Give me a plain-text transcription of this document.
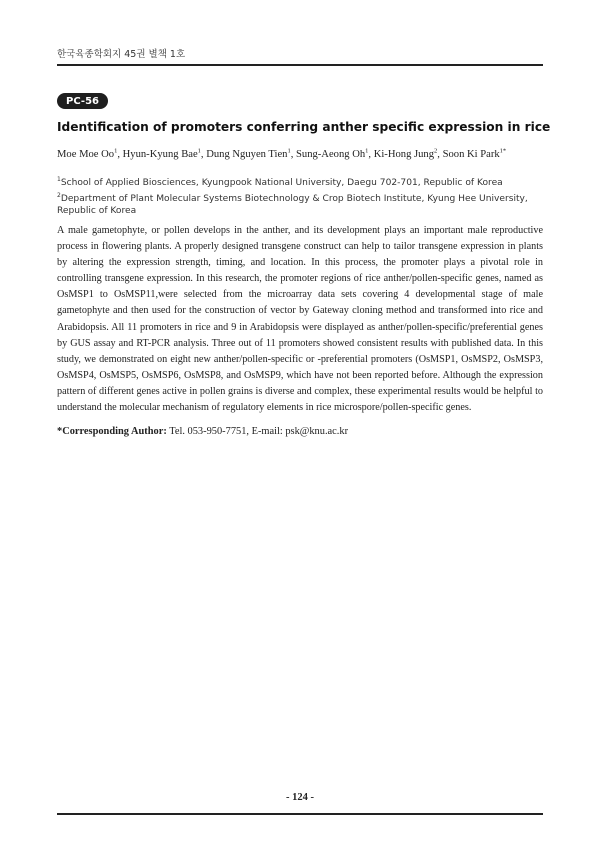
한국육종학회지 45권 별책 1호
PC-56
Identification of promoters conferring anther specific expression in rice
Moe Moe Oo$^1$, Hyun-Kyung Bae$^1$, Dung Nguyen Tien$^1$, Sung-Aeong Oh$^1$, Ki-Hong Jung$^2$, Soon Ki Park$^{1*}$

$^1$School of Applied Biosciences, Kyungpook National University, Daegu 702-701, Republic of Korea

$^2$Department of Plant Molecular Systems Biotechnology & Crop Biotech Institute, Kyung Hee University, Republic of Korea

A male gametophyte, or pollen develops in the anther, and its development plays an important male reproductive process in flowering plants. A properly designed transgene construct can help to tailor transgene expression in plants by altering the expression strength, timing, and location. In this process, the promoter plays a pivotal role in controlling transgene expression. In this research, the promoter regions of rice anther/pollen-specific genes, named as OsMSP1 to OsMSP11,were selected from the microarray data sets covering 4 developmental stage of male gametophyte and then used for the construction of vector by Gateway cloning method and transformed into rice and Arabidopsis. All 11 promoters in rice and 9 in Arabidopsis were displayed as anther/pollen-specific/preferential genes by GUS assay and RT-PCR analysis. Three out of 11 promoters showed consistent results with published data. In this study, we demonstrated on eight new anther/pollen-specific or -preferential promoters (OsMSP1, OsMSP2, OsMSP3, OsMSP4, OsMSP5, OsMSP6, OsMSP8, and OsMSP9, which have not been reported before. Although the expression pattern of different genes active in pollen grains is diverse and complex, these experimental results would be helpful to understand the molecular mechanism of regulatory elements in rice microspore/pollen-specific genes.

*Corresponding Author: Tel. 053-950-7751, E-mail: psk@knu.ac.kr
- 124 -
